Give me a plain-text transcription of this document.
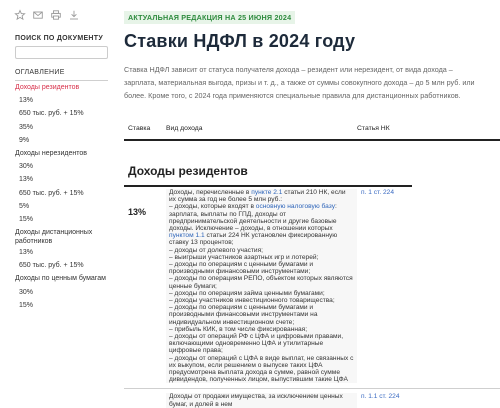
ПОИСК ПО ДОКУМЕНТУ
ОГЛАВЛЕНИЕ
Доходы резидентов
13%
650 тыс. руб. + 15%
35%
9%
Доходы нерезидентов
30%
13%
650 тыс. руб. + 15%
5%
15%
Доходы дистанционных работников
13%
650 тыс. руб. + 15%
Доходы по ценным бумагам
30%
15%
АКТУАЛЬНАЯ РЕДАКЦИЯ НА 25 ИЮНЯ 2024
Ставки НДФЛ в 2024 году

Ставка НДФЛ зависит от статуса получателя дохода – резидент или нерезидент, от вида дохода – зарплата, материальная выгода, призы и т. д., а также от суммы совокупного дохода – до 5 млн руб. или более. Кроме того, с 2024 года применяются специальные правила для дистанционных работников.

Ставка	Вид дохода	Статья НК
Доходы резидентов
13%
Доходы, перечисленные в пункте 2.1 статьи 210 НК, если их сумма за год не более 5 млн руб.:
– доходы, которые входят в основную налоговую базу: зарплата, выплаты по ГПД, доходы от предпринимательской деятельности и другие базовые доходы. Исключение – доходы, в отношении которых пунктом 1.1 статьи 224 НК установлен фиксированную ставку 13 процентов;
– доходы от долевого участия;
– выигрыши участников азартных игр и лотерей;
– доходы по операциям с ценными бумагами и производными финансовыми инструментами;
– доходы по операциям РЕПО, объектом которых являются ценные бумаги;
– доходы по операциям займа ценными бумагами;
– доходы участников инвестиционного товарищества;
– доходы по операциям с ценными бумагами и производными финансовыми инструментами на индивидуальном инвестиционном счете;
– прибыль КИК, в том числе фиксированная;
– доходы от операций РФ с ЦФА и цифровыми правами, включающими одновременно ЦФА и утилитарные цифровые права;
– доходы от операций с ЦФА в виде выплат, не связанных с их выкупом, если решением о выпуске таких ЦФА предусмотрена выплата дохода в сумме, равной сумме дивидендов, полученных лицом, выпустившим такие ЦФА
п. 1 ст. 224
Доходы от продажи имущества, за исключением ценных бумаг, и долей в нем
п. 1.1 ст. 224
